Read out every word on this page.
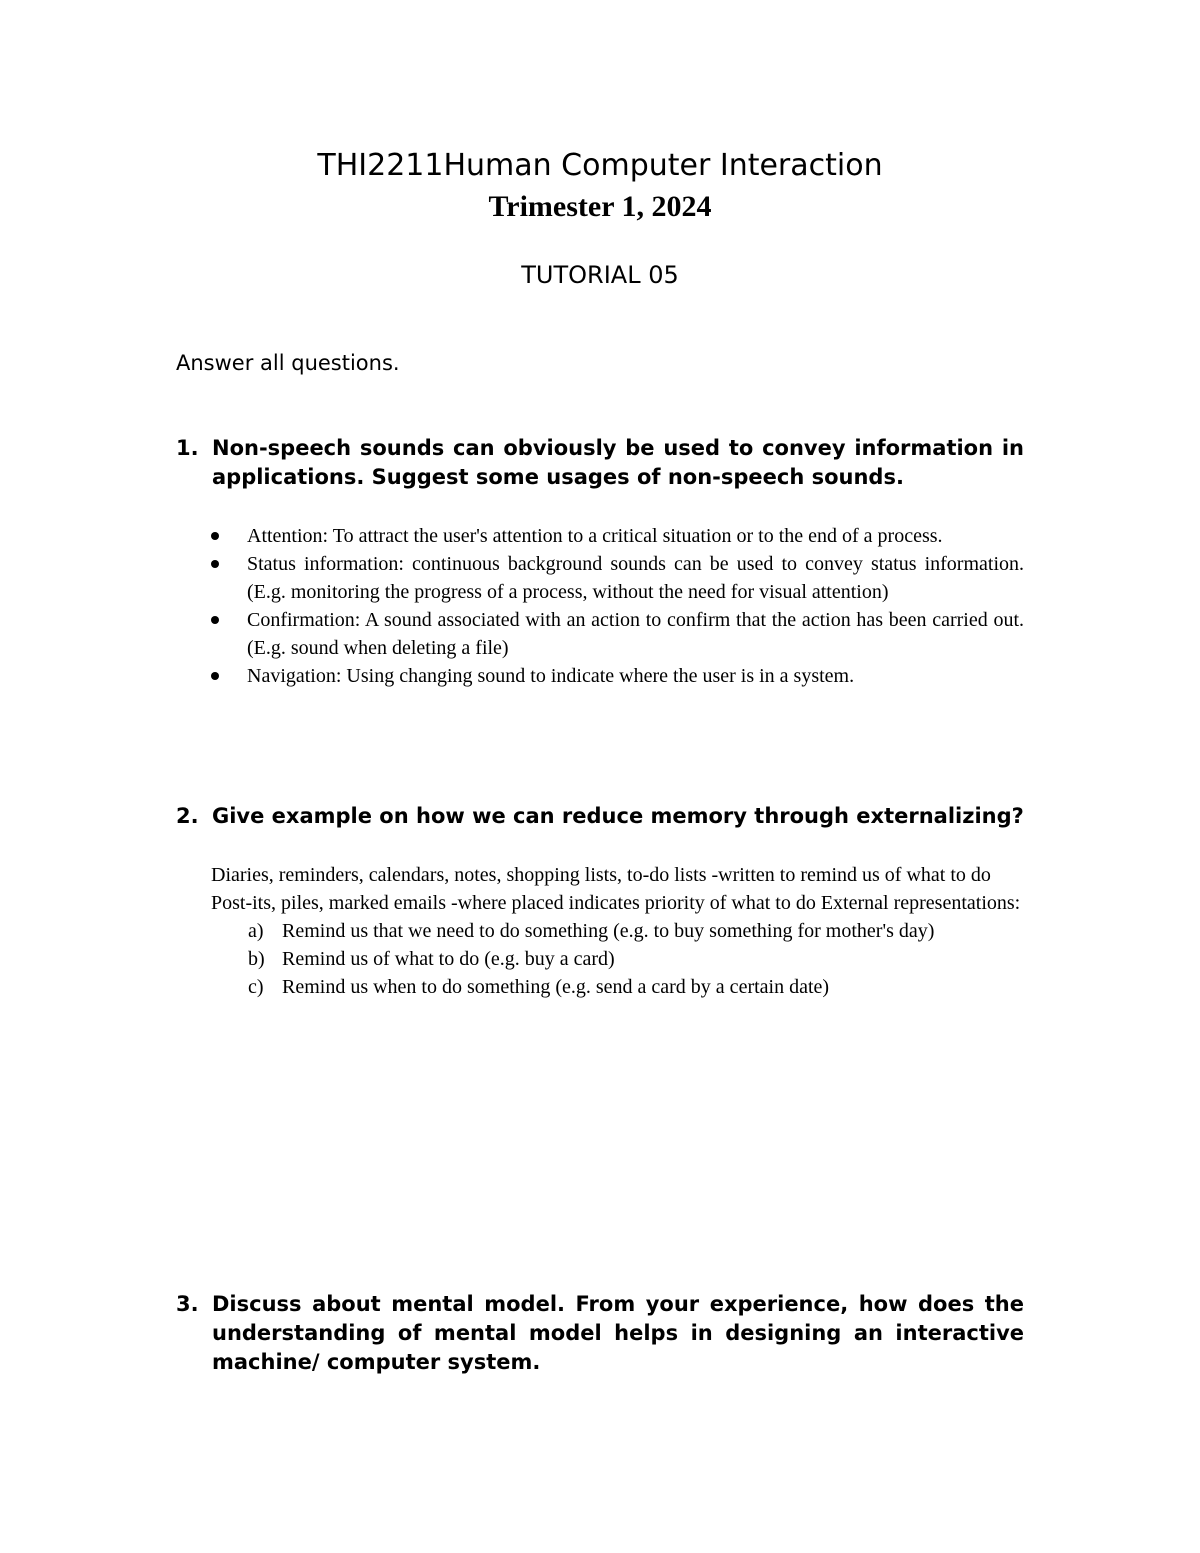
THI2211Human Computer Interaction
Trimester 1, 2024
TUTORIAL 05
Answer all questions.
1. Non-speech sounds can obviously be used to convey information in applications. Suggest some usages of non-speech sounds.
Attention: To attract the user's attention to a critical situation or to the end of a process.
Status information: continuous background sounds can be used to convey status information. (E.g. monitoring the progress of a process, without the need for visual attention)
Confirmation: A sound associated with an action to confirm that the action has been carried out. (E.g. sound when deleting a file)
Navigation: Using changing sound to indicate where the user is in a system.
2. Give example on how we can reduce memory through externalizing?

Diaries, reminders, calendars, notes, shopping lists, to-do lists -written to remind us of what to do

Post-its, piles, marked emails -where placed indicates priority of what to do External representations:

a) Remind us that we need to do something (e.g. to buy something for mother's day)
b) Remind us of what to do (e.g. buy a card)
c) Remind us when to do something (e.g. send a card by a certain date)
3. Discuss about mental model. From your experience, how does the understanding of mental model helps in designing an interactive machine/ computer system.
